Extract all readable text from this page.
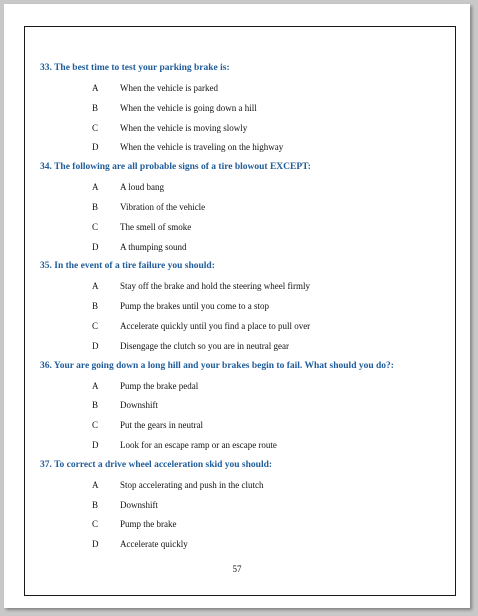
33. The best time to test your parking brake is:
A	When the vehicle is parked
B	When the vehicle is going down a hill
C	When the vehicle is moving slowly
D	When the vehicle is traveling on the highway
34. The following are all probable signs of a tire blowout EXCEPT:
A	A loud bang
B	Vibration of the vehicle
C	The smell of smoke
D	A thumping sound
35. In the event of a tire failure you should:
A	Stay off the brake and hold the steering wheel firmly
B	Pump the brakes until you come to a stop
C	Accelerate quickly until you find a place to pull over
D	Disengage the clutch so you are in neutral gear
36. Your are going down a long hill and your brakes begin to fail. What should you do?:
A	Pump the brake pedal
B	Downshift
C	Put the gears in neutral
D	Look for an escape ramp or an escape route
37. To correct a drive wheel acceleration skid you should:
A	Stop accelerating and push in the clutch
B	Downshift
C	Pump the brake
D	Accelerate quickly
57
